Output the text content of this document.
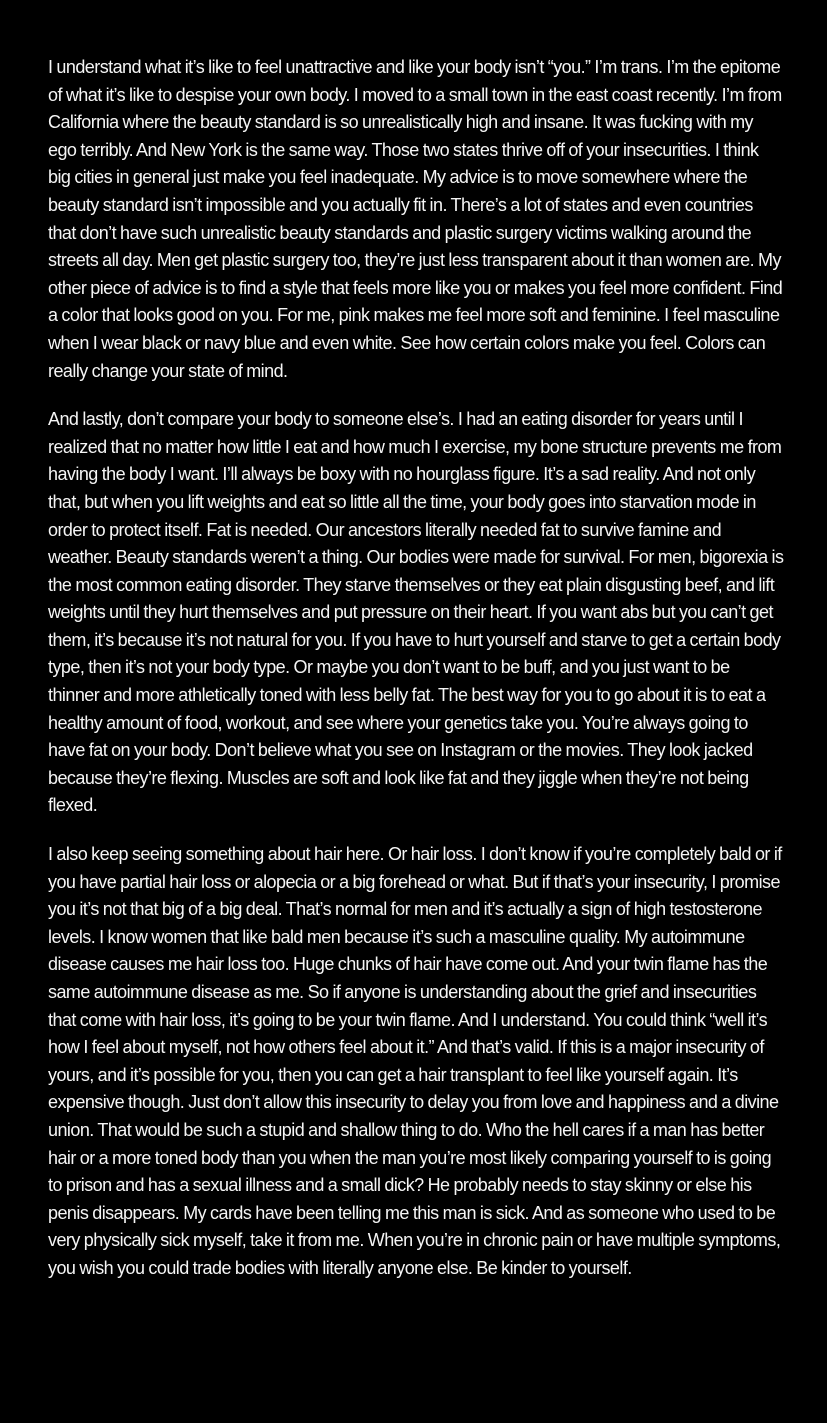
I understand what it’s like to feel unattractive and like your body isn’t “you.” I’m trans. I’m the epitome of what it’s like to despise your own body. I moved to a small town in the east coast recently. I’m from California where the beauty standard is so unrealistically high and insane. It was fucking with my ego terribly. And New York is the same way. Those two states thrive off of your insecurities. I think big cities in general just make you feel inadequate. My advice is to move somewhere where the beauty standard isn’t impossible and you actually fit in. There’s a lot of states and even countries that don’t have such unrealistic beauty standards and plastic surgery victims walking around the streets all day. Men get plastic surgery too, they’re just less transparent about it than women are. My other piece of advice is to find a style that feels more like you or makes you feel more confident. Find a color that looks good on you. For me, pink makes me feel more soft and feminine. I feel masculine when I wear black or navy blue and even white. See how certain colors make you feel. Colors can really change your state of mind.

And lastly, don’t compare your body to someone else’s. I had an eating disorder for years until I realized that no matter how little I eat and how much I exercise, my bone structure prevents me from having the body I want. I’ll always be boxy with no hourglass figure. It’s a sad reality. And not only that, but when you lift weights and eat so little all the time, your body goes into starvation mode in order to protect itself. Fat is needed. Our ancestors literally needed fat to survive famine and weather. Beauty standards weren’t a thing. Our bodies were made for survival. For men, bigorexia is the most common eating disorder. They starve themselves or they eat plain disgusting beef, and lift weights until they hurt themselves and put pressure on their heart. If you want abs but you can’t get them, it’s because it’s not natural for you. If you have to hurt yourself and starve to get a certain body type, then it’s not your body type. Or maybe you don’t want to be buff, and you just want to be thinner and more athletically toned with less belly fat. The best way for you to go about it is to eat a healthy amount of food, workout, and see where your genetics take you. You’re always going to have fat on your body. Don’t believe what you see on Instagram or the movies. They look jacked because they’re flexing. Muscles are soft and look like fat and they jiggle when they’re not being flexed.

I also keep seeing something about hair here. Or hair loss. I don’t know if you’re completely bald or if you have partial hair loss or alopecia or a big forehead or what. But if that’s your insecurity, I promise you it’s not that big of a big deal. That’s normal for men and it’s actually a sign of high testosterone levels. I know women that like bald men because it’s such a masculine quality. My autoimmune disease causes me hair loss too. Huge chunks of hair have come out. And your twin flame has the same autoimmune disease as me. So if anyone is understanding about the grief and insecurities that come with hair loss, it’s going to be your twin flame. And I understand. You could think “well it’s how I feel about myself, not how others feel about it.” And that’s valid. If this is a major insecurity of yours, and it’s possible for you, then you can get a hair transplant to feel like yourself again. It’s expensive though. Just don’t allow this insecurity to delay you from love and happiness and a divine union. That would be such a stupid and shallow thing to do. Who the hell cares if a man has better hair or a more toned body than you when the man you’re most likely comparing yourself to is going to prison and has a sexual illness and a small dick? He probably needs to stay skinny or else his penis disappears. My cards have been telling me this man is sick. And as someone who used to be very physically sick myself, take it from me. When you’re in chronic pain or have multiple symptoms, you wish you could trade bodies with literally anyone else. Be kinder to yourself.
